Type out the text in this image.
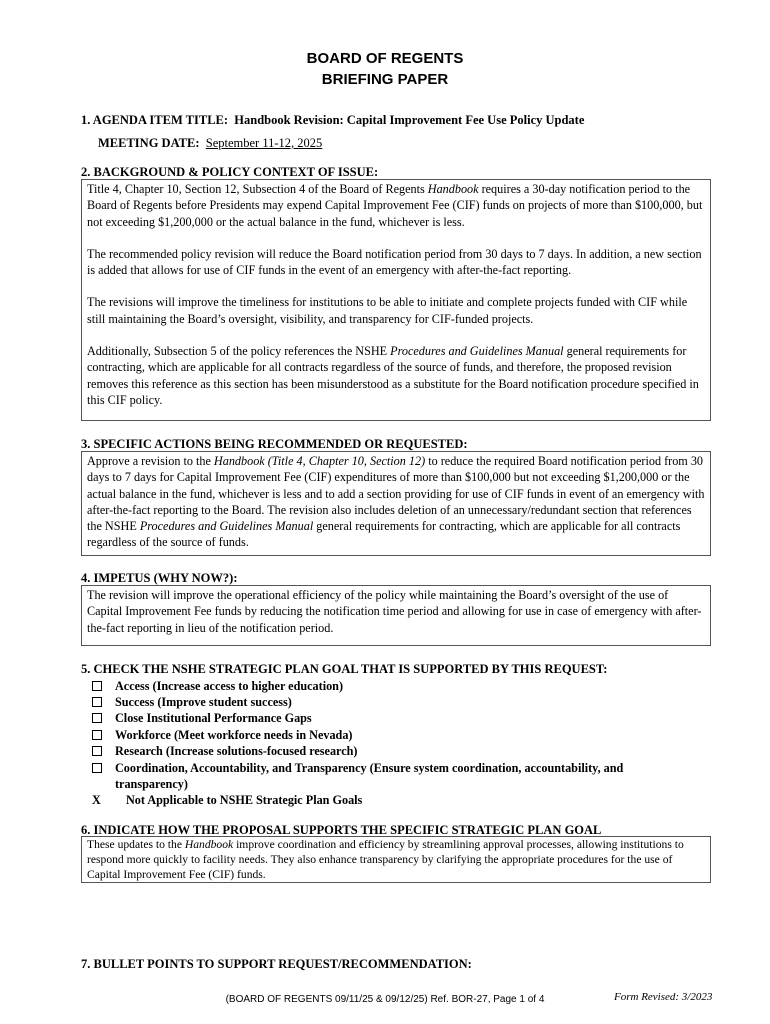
BOARD OF REGENTS
BRIEFING PAPER
1. AGENDA ITEM TITLE: Handbook Revision: Capital Improvement Fee Use Policy Update
MEETING DATE: September 11-12, 2025
2. BACKGROUND & POLICY CONTEXT OF ISSUE:

Title 4, Chapter 10, Section 12, Subsection 4 of the Board of Regents Handbook requires a 30-day notification period to the Board of Regents before Presidents may expend Capital Improvement Fee (CIF) funds on projects of more than $100,000, but not exceeding $1,200,000 or the actual balance in the fund, whichever is less.

The recommended policy revision will reduce the Board notification period from 30 days to 7 days. In addition, a new section is added that allows for use of CIF funds in the event of an emergency with after-the-fact reporting.

The revisions will improve the timeliness for institutions to be able to initiate and complete projects funded with CIF while still maintaining the Board’s oversight, visibility, and transparency for CIF-funded projects.

Additionally, Subsection 5 of the policy references the NSHE Procedures and Guidelines Manual general requirements for contracting, which are applicable for all contracts regardless of the source of funds, and therefore, the proposed revision removes this reference as this section has been misunderstood as a substitute for the Board notification procedure specified in this CIF policy.

3. SPECIFIC ACTIONS BEING RECOMMENDED OR REQUESTED:

Approve a revision to the Handbook (Title 4, Chapter 10, Section 12) to reduce the required Board notification period from 30 days to 7 days for Capital Improvement Fee (CIF) expenditures of more than $100,000 but not exceeding $1,200,000 or the actual balance in the fund, whichever is less and to add a section providing for use of CIF funds in event of an emergency with after-the-fact reporting to the Board. The revision also includes deletion of an unnecessary/redundant section that references the NSHE Procedures and Guidelines Manual general requirements for contracting, which are applicable for all contracts regardless of the source of funds.

4. IMPETUS (WHY NOW?):

The revision will improve the operational efficiency of the policy while maintaining the Board’s oversight of the use of Capital Improvement Fee funds by reducing the notification time period and allowing for use in case of emergency with after-the-fact reporting in lieu of the notification period.

5. CHECK THE NSHE STRATEGIC PLAN GOAL THAT IS SUPPORTED BY THIS REQUEST:
Access (Increase access to higher education)
Success (Improve student success)
Close Institutional Performance Gaps
Workforce (Meet workforce needs in Nevada)
Research (Increase solutions-focused research)
Coordination, Accountability, and Transparency (Ensure system coordination, accountability, and
transparency)
X Not Applicable to NSHE Strategic Plan Goals
6. INDICATE HOW THE PROPOSAL SUPPORTS THE SPECIFIC STRATEGIC PLAN GOAL

These updates to the Handbook improve coordination and efficiency by streamlining approval processes, allowing institutions to respond more quickly to facility needs. They also enhance transparency by clarifying the appropriate procedures for the use of Capital Improvement Fee (CIF) funds.

7. BULLET POINTS TO SUPPORT REQUEST/RECOMMENDATION:
(BOARD OF REGENTS 09/11/25 & 09/12/25) Ref. BOR-27, Page 1 of 4	Form Revised: 3/2023
